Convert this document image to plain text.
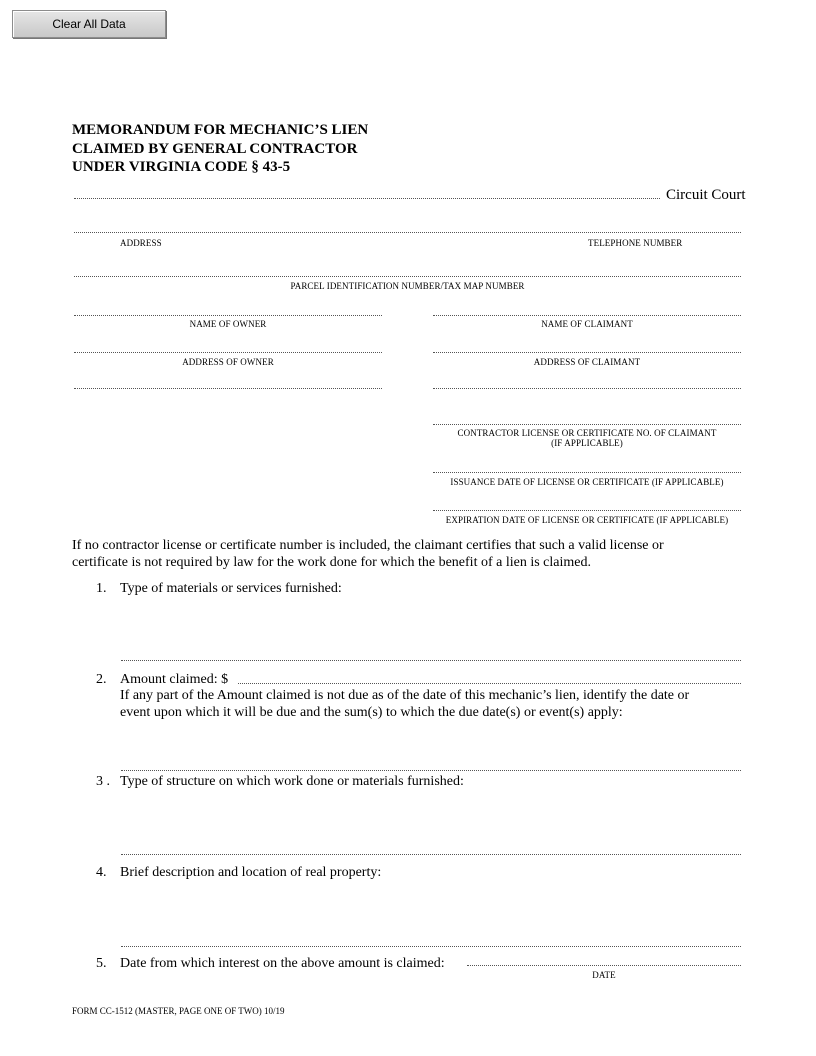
Clear All Data
MEMORANDUM FOR MECHANIC’S LIEN
CLAIMED BY GENERAL CONTRACTOR
UNDER VIRGINIA CODE § 43-5
Circuit Court
ADDRESS	TELEPHONE NUMBER
PARCEL IDENTIFICATION NUMBER/TAX MAP NUMBER
NAME OF OWNER
ADDRESS OF OWNER
NAME OF CLAIMANT
ADDRESS OF CLAIMANT
CONTRACTOR LICENSE OR CERTIFICATE NO. OF CLAIMANT
(IF APPLICABLE)
ISSUANCE DATE OF LICENSE OR CERTIFICATE (IF APPLICABLE)
EXPIRATION DATE OF LICENSE OR CERTIFICATE (IF APPLICABLE)
If no contractor license or certificate number is included, the claimant certifies that such a valid license or
certificate is not required by law for the work done for which the benefit of a lien is claimed.
1. Type of materials or services furnished:
2. Amount claimed: $
If any part of the Amount claimed is not due as of the date of this mechanic’s lien, identify the date or
event upon which it will be due and the sum(s) to which the due date(s) or event(s) apply:
3 . Type of structure on which work done or materials furnished:
4. Brief description and location of real property:
5. Date from which interest on the above amount is claimed:
DATE
FORM CC-1512 (MASTER, PAGE ONE OF TWO) 10/19
